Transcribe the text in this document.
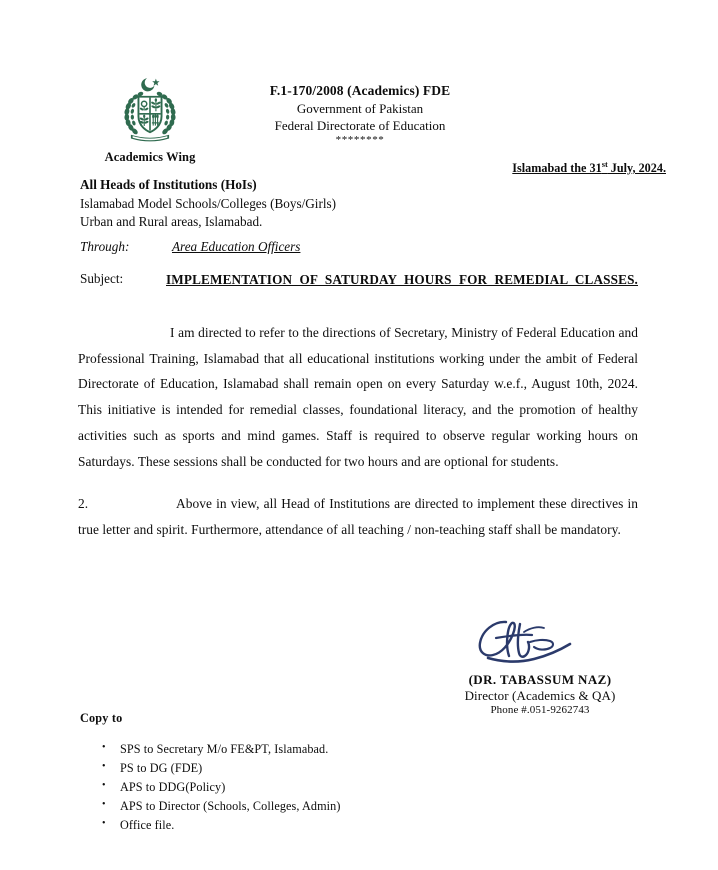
Academics Wing
F.1-170/2008 (Academics) FDE
Government of Pakistan
Federal Directorate of Education
********
Islamabad the 31st July, 2024.
All Heads of Institutions (HoIs)
Islamabad Model Schools/Colleges (Boys/Girls)
Urban and Rural areas, Islamabad.
Through:	Area Education Officers
Subject:	IMPLEMENTATION OF SATURDAY HOURS FOR REMEDIAL CLASSES.

I am directed to refer to the directions of Secretary, Ministry of Federal Education and Professional Training, Islamabad that all educational institutions working under the ambit of Federal Directorate of Education, Islamabad shall remain open on every Saturday w.e.f., August 10th, 2024. This initiative is intended for remedial classes, foundational literacy, and the promotion of healthy activities such as sports and mind games. Staff is required to observe regular working hours on Saturdays. These sessions shall be conducted for two hours and are optional for students.

2.	Above in view, all Head of Institutions are directed to implement these directives in true letter and spirit. Furthermore, attendance of all teaching / non-teaching staff shall be mandatory.
(DR. TABASSUM NAZ)
Director (Academics & QA)
Phone #.051-9262743
Copy to
• SPS to Secretary M/o FE&PT, Islamabad.
• PS to DG (FDE)
• APS to DDG(Policy)
• APS to Director (Schools, Colleges, Admin)
• Office file.
